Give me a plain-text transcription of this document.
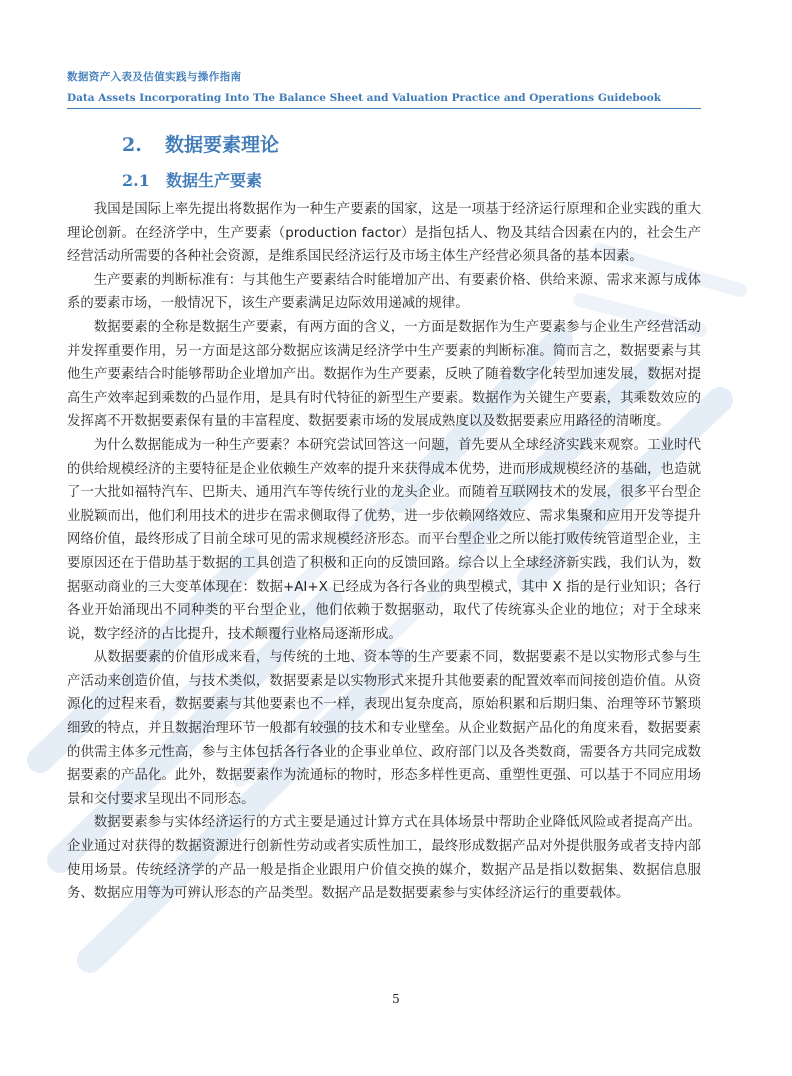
数据资产入表及估值实践与操作指南
Data Assets Incorporating Into The Balance Sheet and Valuation Practice and Operations Guidebook
2. 数据要素理论
2.1 数据生产要素

我国是国际上率先提出将数据作为一种生产要素的国家，这是一项基于经济运行原理和企业实践的重大理论创新。在经济学中，生产要素（production factor）是指包括人、物及其结合因素在内的，社会生产经营活动所需要的各种社会资源，是维系国民经济运行及市场主体生产经营必须具备的基本因素。

生产要素的判断标准有：与其他生产要素结合时能增加产出、有要素价格、供给来源、需求来源与成体系的要素市场，一般情况下，该生产要素满足边际效用递减的规律。

数据要素的全称是数据生产要素，有两方面的含义，一方面是数据作为生产要素参与企业生产经营活动并发挥重要作用，另一方面是这部分数据应该满足经济学中生产要素的判断标准。简而言之，数据要素与其他生产要素结合时能够帮助企业增加产出。数据作为生产要素，反映了随着数字化转型加速发展，数据对提高生产效率起到乘数的凸显作用，是具有时代特征的新型生产要素。数据作为关键生产要素，其乘数效应的发挥离不开数据要素保有量的丰富程度、数据要素市场的发展成熟度以及数据要素应用路径的清晰度。

为什么数据能成为一种生产要素？本研究尝试回答这一问题，首先要从全球经济实践来观察。工业时代的供给规模经济的主要特征是企业依赖生产效率的提升来获得成本优势，进而形成规模经济的基础，也造就了一大批如福特汽车、巴斯夫、通用汽车等传统行业的龙头企业。而随着互联网技术的发展，很多平台型企业脱颖而出，他们利用技术的进步在需求侧取得了优势，进一步依赖网络效应、需求集聚和应用开发等提升网络价值，最终形成了目前全球可见的需求规模经济形态。而平台型企业之所以能打败传统管道型企业，主要原因还在于借助基于数据的工具创造了积极和正向的反馈回路。综合以上全球经济新实践，我们认为，数据驱动商业的三大变革体现在：数据+AI+X 已经成为各行各业的典型模式，其中 X 指的是行业知识；各行各业开始涌现出不同种类的平台型企业，他们依赖于数据驱动，取代了传统寡头企业的地位；对于全球来说，数字经济的占比提升，技术颠覆行业格局逐渐形成。

从数据要素的价值形成来看，与传统的土地、资本等的生产要素不同，数据要素不是以实物形式参与生产活动来创造价值，与技术类似，数据要素是以实物形式来提升其他要素的配置效率而间接创造价值。从资源化的过程来看，数据要素与其他要素也不一样，表现出复杂度高，原始积累和后期归集、治理等环节繁琐细致的特点，并且数据治理环节一般都有较强的技术和专业壁垒。从企业数据产品化的角度来看，数据要素的供需主体多元性高，参与主体包括各行各业的企事业单位、政府部门以及各类数商，需要各方共同完成数据要素的产品化。此外，数据要素作为流通标的物时，形态多样性更高、重塑性更强、可以基于不同应用场景和交付要求呈现出不同形态。

数据要素参与实体经济运行的方式主要是通过计算方式在具体场景中帮助企业降低风险或者提高产出。企业通过对获得的数据资源进行创新性劳动或者实质性加工，最终形成数据产品对外提供服务或者支持内部使用场景。传统经济学的产品一般是指企业跟用户价值交换的媒介，数据产品是指以数据集、数据信息服务、数据应用等为可辨认形态的产品类型。数据产品是数据要素参与实体经济运行的重要载体。

5
